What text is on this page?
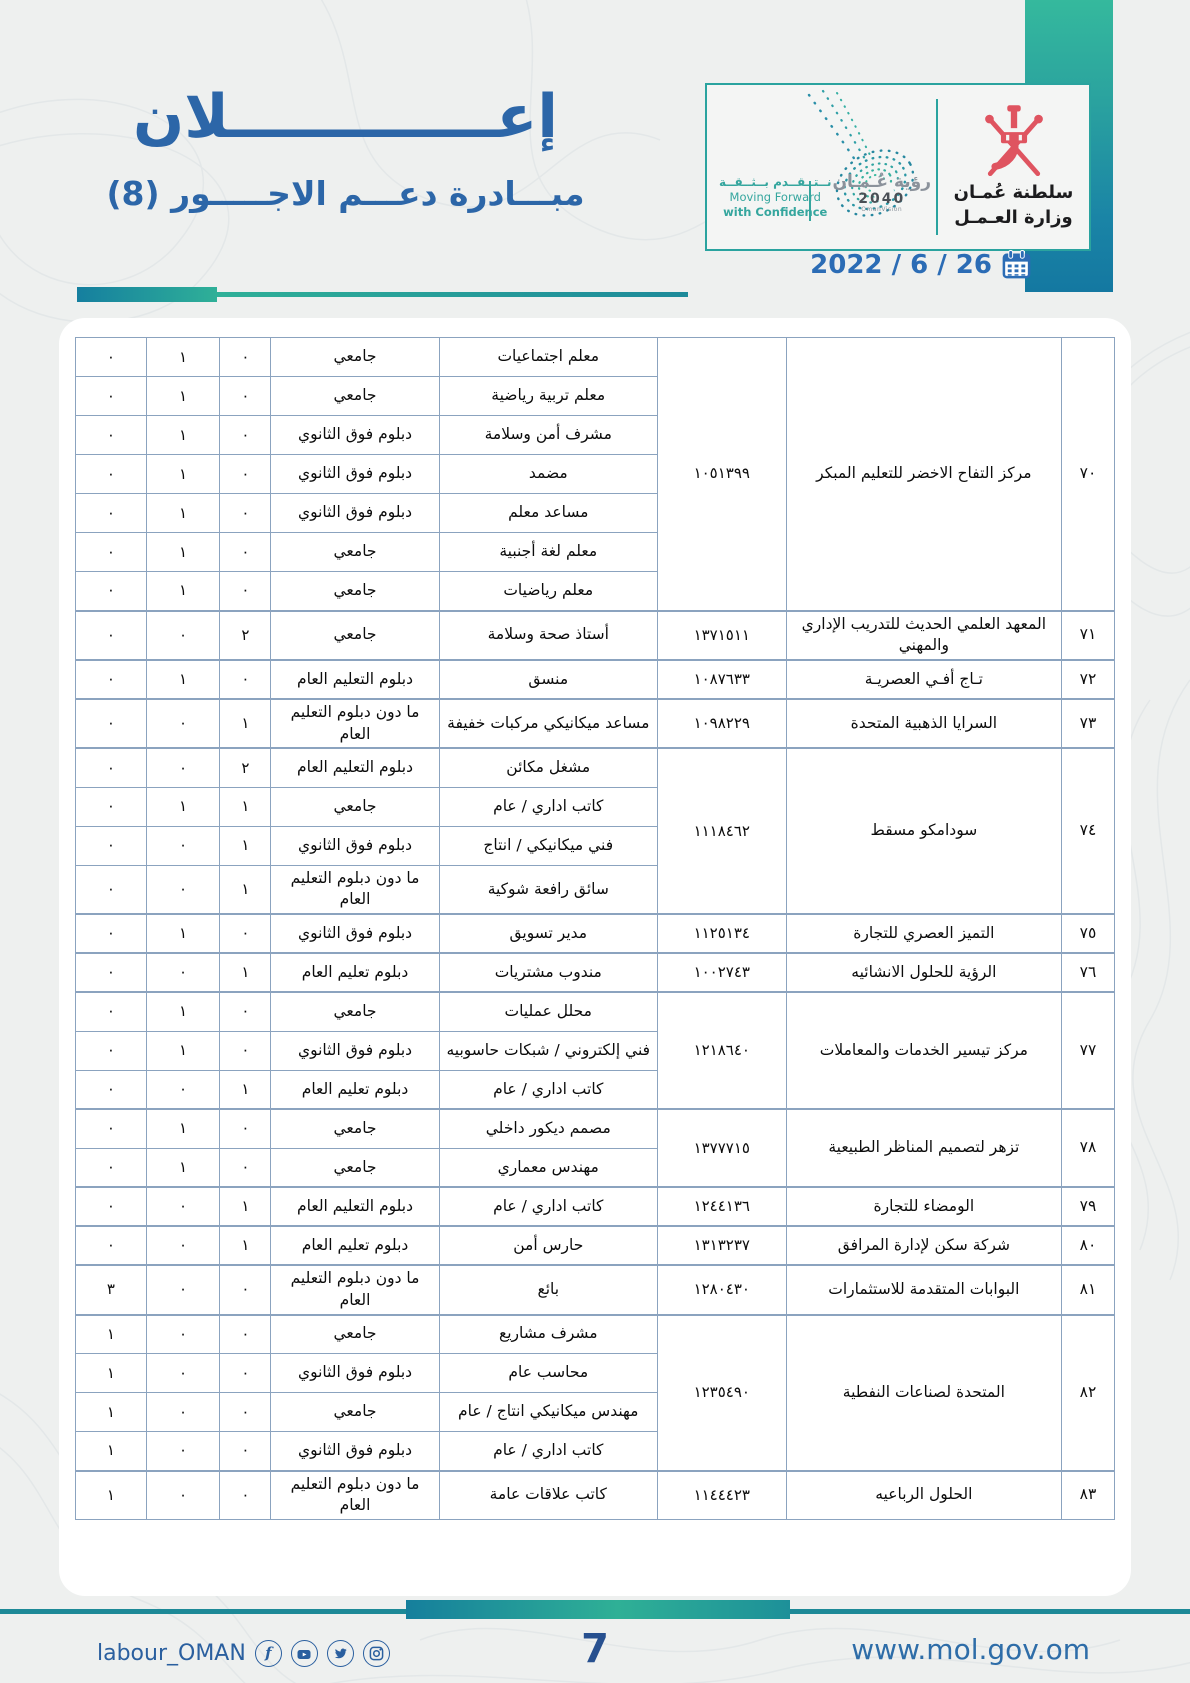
إعـــــــــــــلان
مبـــادرة دعـــم الاجـــــور (8)	رؤية عُـمـان
2040
OmanVision
نــتــقــدم بــثــقــة
Moving Forward
with Confidence
سلطنة عُمـان
وزارة العـمـل
2022 / 6 / 26
٧٠	مركز التفاح الاخضر للتعليم المبكر	١٠٥١٣٩٩	معلم اجتماعيات	جامعي	٠	١	٠
			معلم تربية رياضية	جامعي	٠	١	٠
			مشرف أمن وسلامة	دبلوم فوق الثانوي	٠	١	٠
			مضمد	دبلوم فوق الثانوي	٠	١	٠
			مساعد معلم	دبلوم فوق الثانوي	٠	١	٠
			معلم لغة أجنبية	جامعي	٠	١	٠
			معلم رياضيات	جامعي	٠	١	٠
٧١	المعهد العلمي الحديث للتدريب الإداري والمهني	١٣٧١٥١١	أستاذ صحة وسلامة	جامعي	٢	٠	٠
٧٢	تـاج أفـي العصريـة	١٠٨٧٦٣٣	منسق	دبلوم التعليم العام	٠	١	٠
٧٣	السرايا الذهبية المتحدة	١٠٩٨٢٢٩	مساعد ميكانيكي مركبات خفيفة	ما دون دبلوم التعليم العام	١	٠	٠
٧٤	سودامكو مسقط	١١١٨٤٦٢	مشغل مكائن	دبلوم التعليم العام	٢	٠	٠
			كاتب اداري / عام	جامعي	١	١	٠
			فني ميكانيكي / انتاج	دبلوم فوق الثانوي	١	٠	٠
			سائق رافعة شوكية	ما دون دبلوم التعليم العام	١	٠	٠
٧٥	التميز العصري للتجارة	١١٢٥١٣٤	مدير تسويق	دبلوم فوق الثانوي	٠	١	٠
٧٦	الرؤية للحلول الانشائيه	١٠٠٢٧٤٣	مندوب مشتريات	دبلوم تعليم العام	١	٠	٠
٧٧	مركز تيسير الخدمات والمعاملات	١٢١٨٦٤٠	محلل عمليات	جامعي	٠	١	٠
			فني إلكتروني / شبكات حاسوبيه	دبلوم فوق الثانوي	٠	١	٠
			كاتب اداري / عام	دبلوم تعليم العام	١	٠	٠
٧٨	تزهر لتصميم المناظر الطبيعية	١٣٧٧٧١٥	مصمم ديكور داخلي	جامعي	٠	١	٠
			مهندس معماري	جامعي	٠	١	٠
٧٩	الومضاء للتجارة	١٢٤٤١٣٦	كاتب اداري / عام	دبلوم التعليم العام	١	٠	٠
٨٠	شركة سكن لإدارة المرافق	١٣١٣٢٣٧	حارس أمن	دبلوم تعليم العام	١	٠	٠
٨١	البوابات المتقدمة للاستثمارات	١٢٨٠٤٣٠	بائع	ما دون دبلوم التعليم العام	٠	٠	٣
٨٢	المتحدة لصناعات النفطية	١٢٣٥٤٩٠	مشرف مشاريع	جامعي	٠	٠	١
			محاسب عام	دبلوم فوق الثانوي	٠	٠	١
			مهندس ميكانيكي انتاج / عام	جامعي	٠	٠	١
			كاتب اداري / عام	دبلوم فوق الثانوي	٠	٠	١
٨٣	الحلول الرباعيه	١١٤٤٤٢٣	كاتب علاقات عامة	ما دون دبلوم التعليم العام	٠	٠	١
labour_OMAN f	7	www.mol.gov.om
